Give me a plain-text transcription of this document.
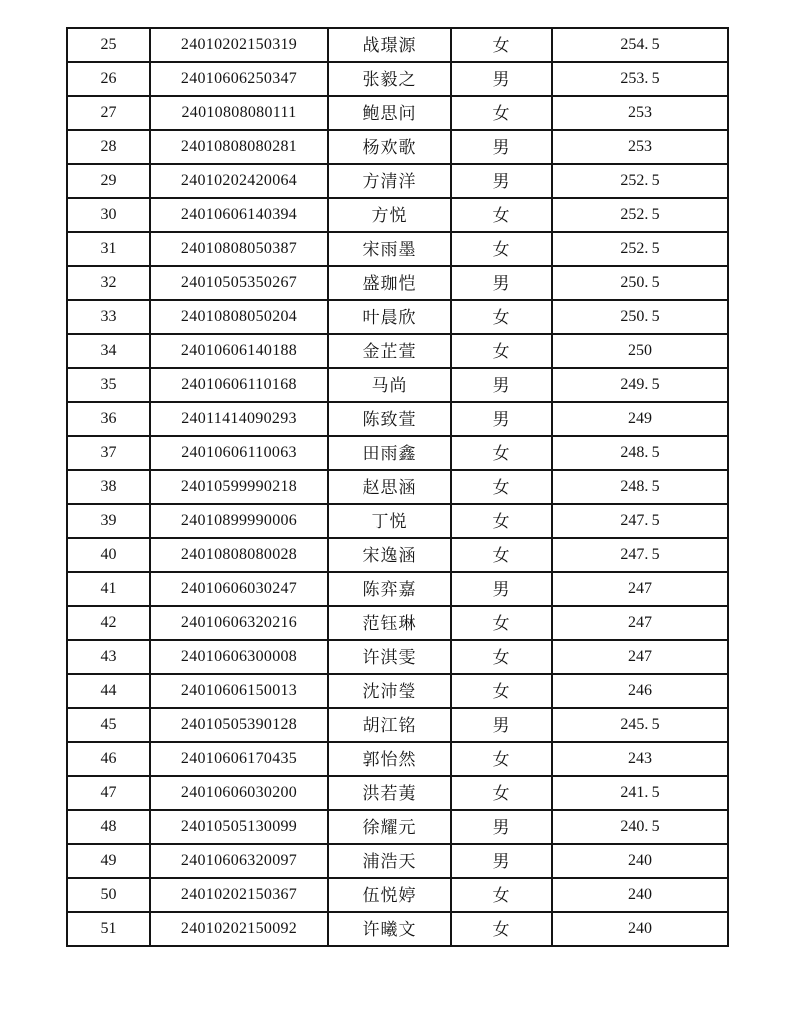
25	24010202150319	战璟源	女	254. 5
26	24010606250347	张毅之	男	253. 5
27	24010808080111	鲍思问	女	253
28	24010808080281	杨欢歌	男	253
29	24010202420064	方清洋	男	252. 5
30	24010606140394	方悦	女	252. 5
31	24010808050387	宋雨墨	女	252. 5
32	24010505350267	盛珈恺	男	250. 5
33	24010808050204	叶晨欣	女	250. 5
34	24010606140188	金芷萱	女	250
35	24010606110168	马尚	男	249. 5
36	24011414090293	陈致萱	男	249
37	24010606110063	田雨鑫	女	248. 5
38	24010599990218	赵思涵	女	248. 5
39	24010899990006	丁悦	女	247. 5
40	24010808080028	宋逸涵	女	247. 5
41	24010606030247	陈弈嘉	男	247
42	24010606320216	范钰琳	女	247
43	24010606300008	许淇雯	女	247
44	24010606150013	沈沛瑩	女	246
45	24010505390128	胡江铭	男	245. 5
46	24010606170435	郭怡然	女	243
47	24010606030200	洪若荑	女	241. 5
48	24010505130099	徐耀元	男	240. 5
49	24010606320097	浦浩天	男	240
50	24010202150367	伍悦婷	女	240
51	24010202150092	许曦文	女	240
